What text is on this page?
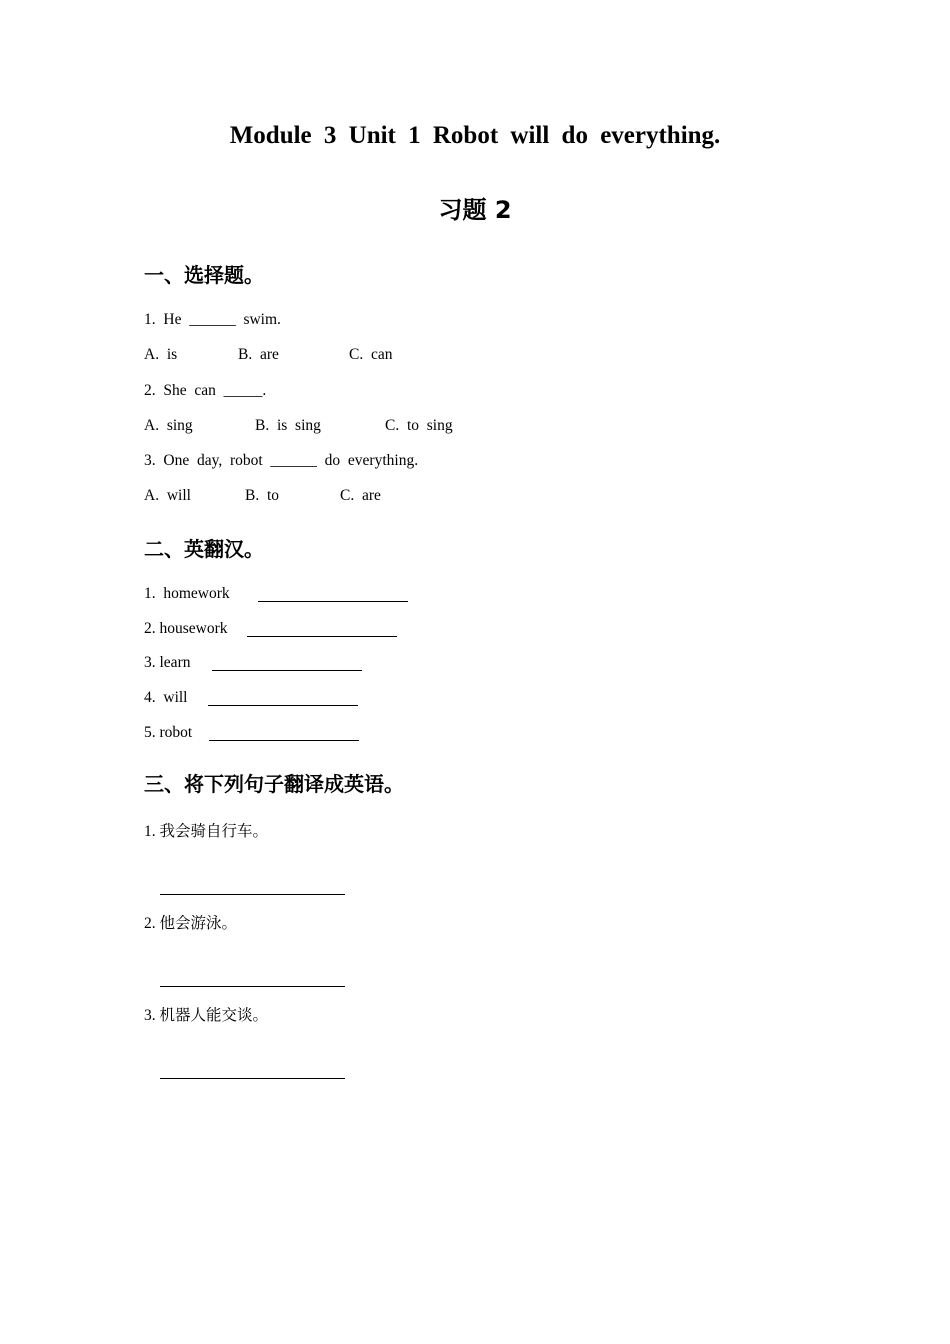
Module 3 Unit 1 Robot will do everything.
习题 2
一、选择题。
1.  He  ______  swim.
A.  is	B.  are	C.  can
2.  She  can  _____.
A.  sing	B.  is  sing	C.  to  sing
3.  One  day,  robot  ______  do  everything.
A.  will	B.  to	C.  are
二、英翻汉。
1.  homework
2. housework
3. learn
4.  will
5. robot
三、将下列句子翻译成英语。
1. 我会骑自行车。
2. 他会游泳。
3. 机器人能交谈。
